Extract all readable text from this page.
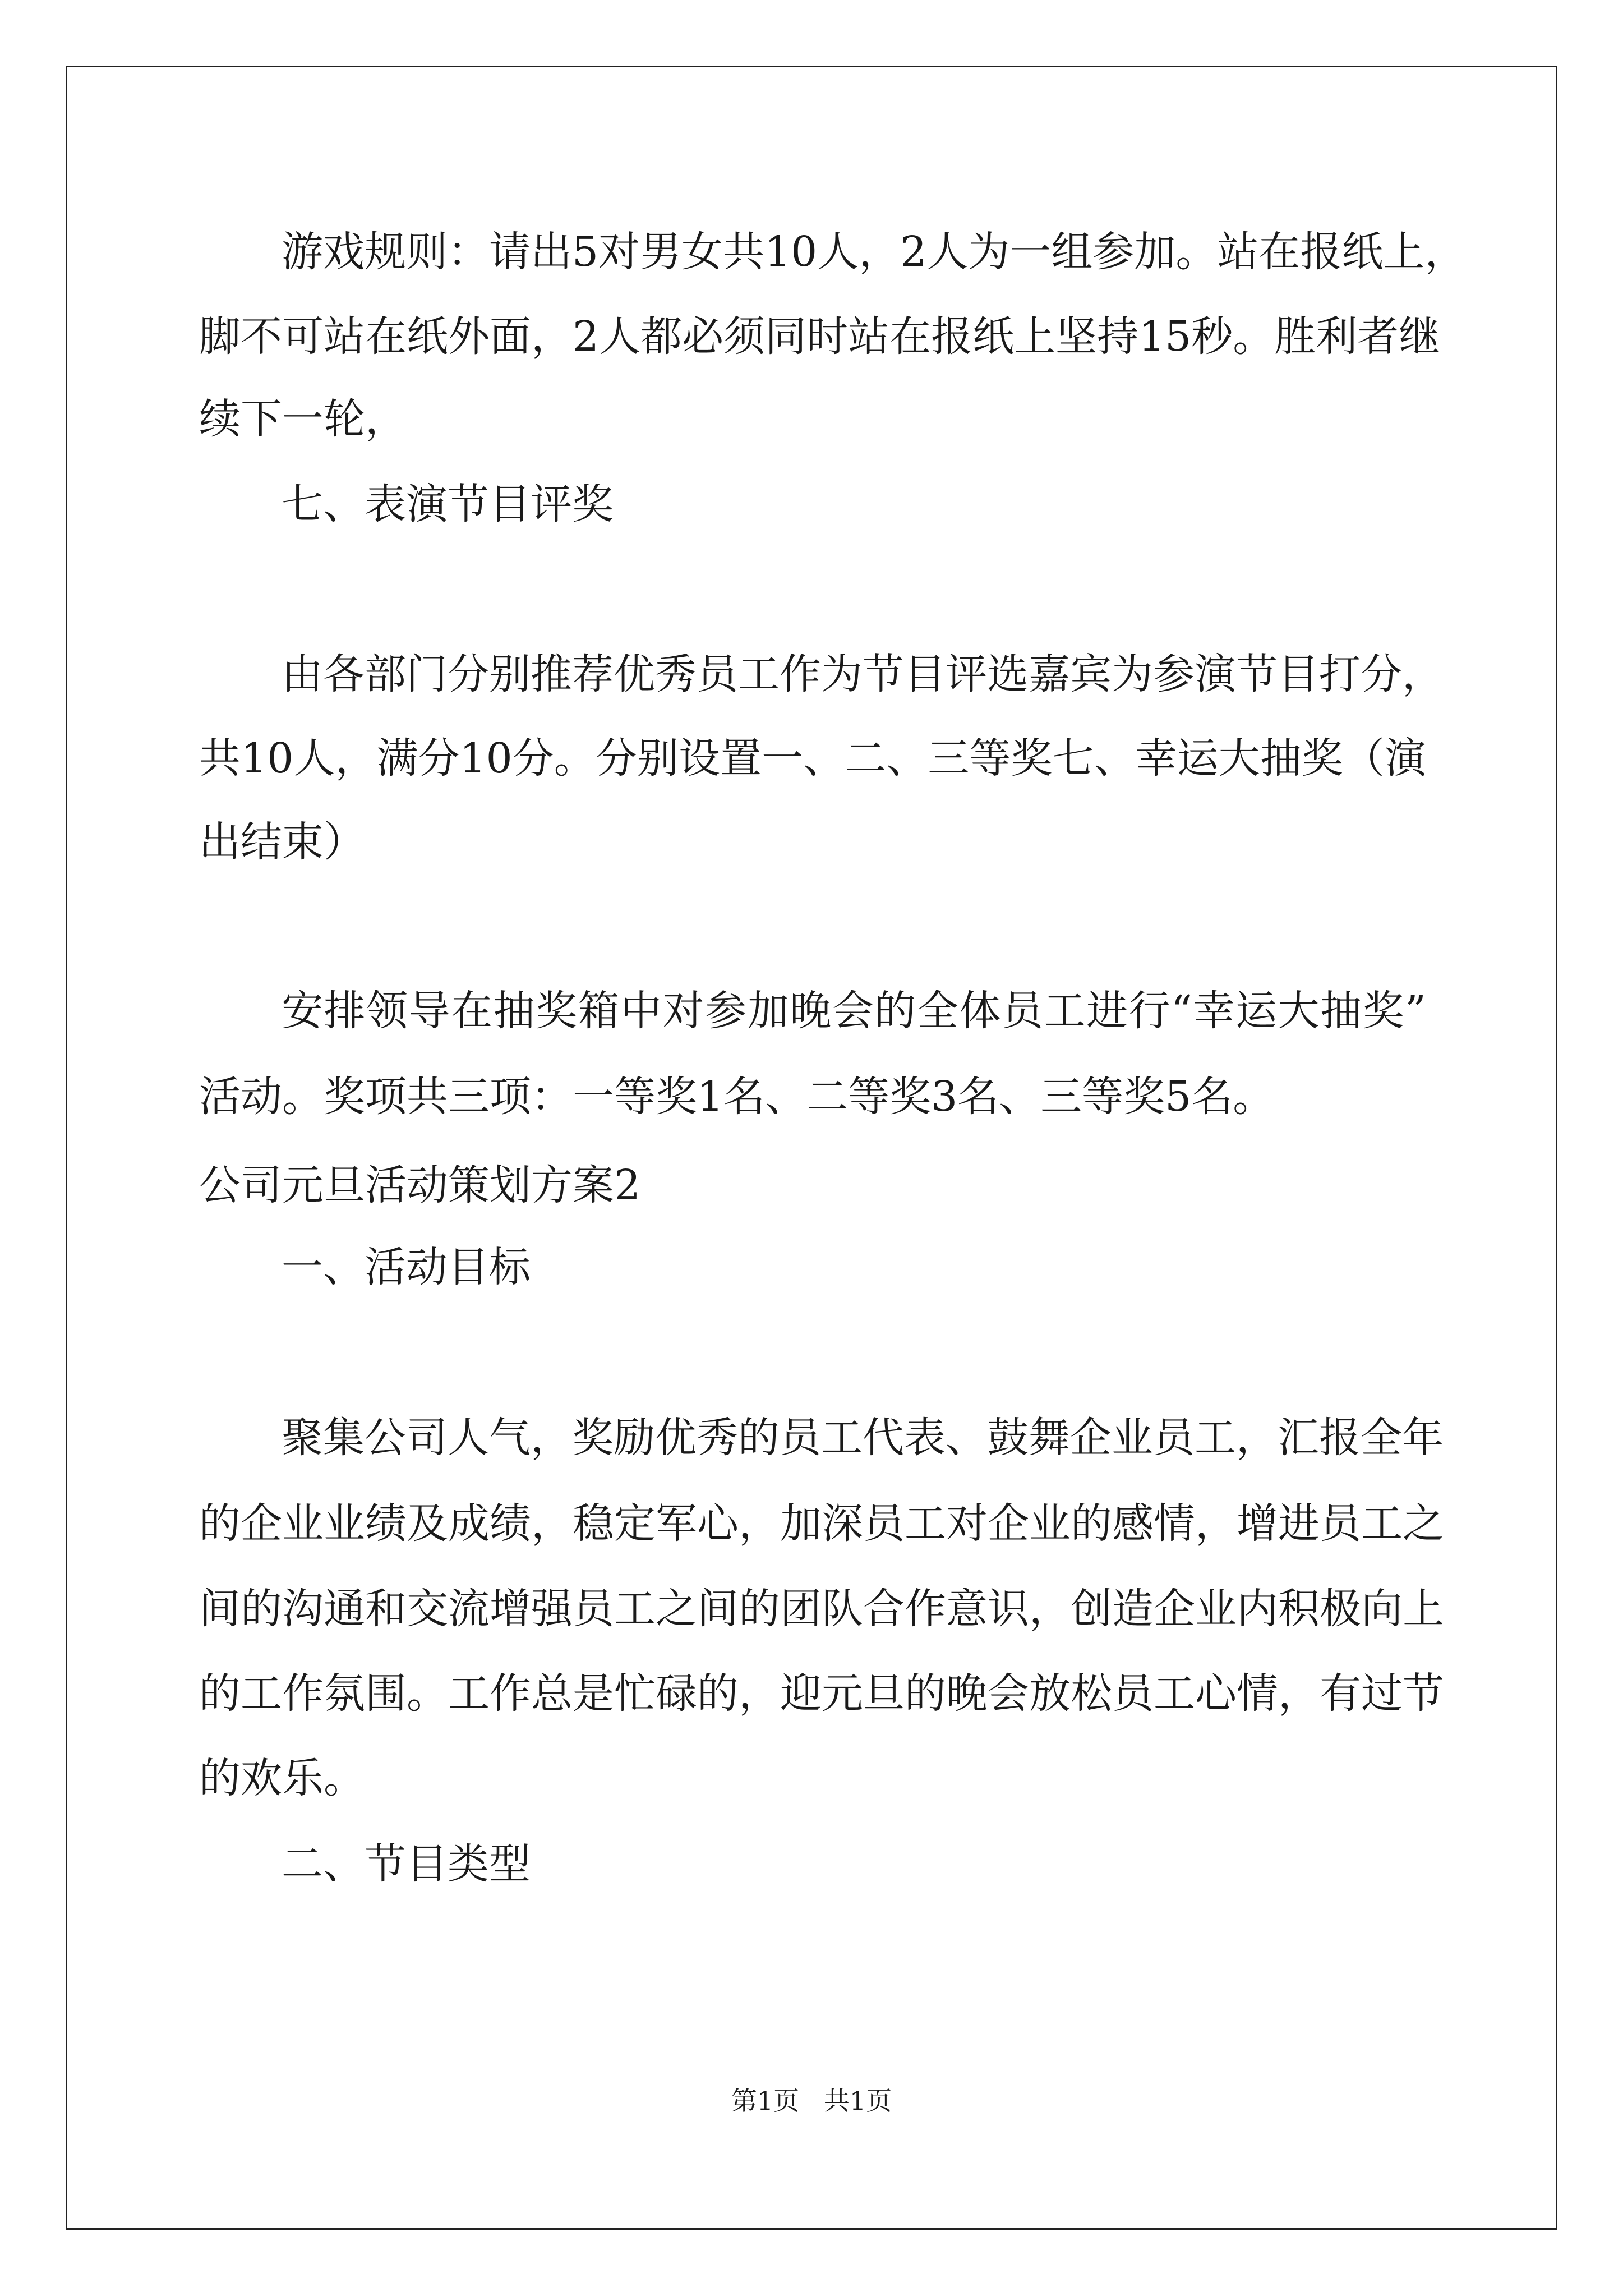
游戏规则：请出5对男女共10人，2人为一组参加。站在报纸上，
脚不可站在纸外面，2人都必须同时站在报纸上坚持15秒。胜利者继
续下一轮，
七、表演节目评奖
由各部门分别推荐优秀员工作为节目评选嘉宾为参演节目打分，
共10人，满分10分。分别设置一、二、三等奖七、幸运大抽奖（演
出结束）
安排领导在抽奖箱中对参加晚会的全体员工进行“幸运大抽奖”
活动。奖项共三项：一等奖1名、二等奖3名、三等奖5名。
公司元旦活动策划方案2
一、活动目标
聚集公司人气，奖励优秀的员工代表、鼓舞企业员工，汇报全年
的企业业绩及成绩，稳定军心，加深员工对企业的感情，增进员工之
间的沟通和交流增强员工之间的团队合作意识，创造企业内积极向上
的工作氛围。工作总是忙碌的，迎元旦的晚会放松员工心情，有过节
的欢乐。
二、节目类型
第1页   共1页
